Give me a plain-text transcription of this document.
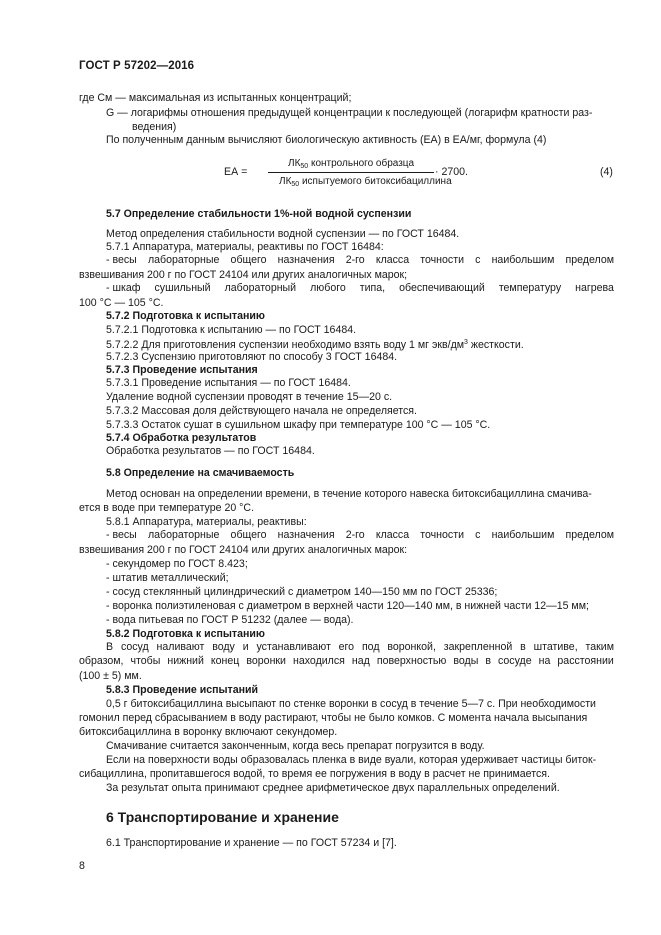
ГОСТ Р 57202—2016
где Cм — максимальная из испытанных концентраций;
G — логарифмы отношения предыдущей концентрации к последующей (логарифм кратности раз-
ведения)
По полученным данным вычисляют биологическую активность (ЕА) в ЕА/мг, формула (4)
ЕА =
$ЛК_{50}$ контрольного образца
$ЛК_{50}$ испытуемого битоксибациллина
· 2700.	(4)
5.7 Определение стабильности 1%-ной водной суспензии
Метод определения стабильности водной суспензии — по ГОСТ 16484.
5.7.1 Аппаратура, материалы, реактивы по ГОСТ 16484:
- весы лабораторные общего назначения 2-го класса точности с наибольшим пределом
взвешивания 200 г по ГОСТ 24104 или других аналогичных марок;
- шкаф сушильный лабораторный любого типа, обеспечивающий температуру нагрева
100 °С — 105 °С.
5.7.2 Подготовка к испытанию
5.7.2.1 Подготовка к испытанию — по ГОСТ 16484.
5.7.2.2 Для приготовления суспензии необходимо взять воду 1 мг экв/$дм^3$ жесткости.
5.7.2.3 Суспензию приготовляют по способу 3 ГОСТ 16484.
5.7.3 Проведение испытания
5.7.3.1 Проведение испытания — по ГОСТ 16484.
Удаление водной суспензии проводят в течение 15—20 с.
5.7.3.2 Массовая доля действующего начала не определяется.
5.7.3.3 Остаток сушат в сушильном шкафу при температуре 100 °С — 105 °С.
5.7.4 Обработка результатов
Обработка результатов — по ГОСТ 16484.
5.8 Определение на смачиваемость
Метод основан на определении времени, в течение которого навеска битоксибациллина смачива-
ется в воде при температуре 20 °С.
5.8.1 Аппаратура, материалы, реактивы:
- весы лабораторные общего назначения 2-го класса точности с наибольшим пределом
взвешивания 200 г по ГОСТ 24104 или других аналогичных марок:
- секундомер по ГОСТ 8.423;
- штатив металлический;
- сосуд стеклянный цилиндрический с диаметром 140—150 мм по ГОСТ 25336;
- воронка полиэтиленовая с диаметром в верхней части 120—140 мм, в нижней части 12—15 мм;
- вода питьевая по ГОСТ Р 51232 (далее — вода).
5.8.2 Подготовка к испытанию
В сосуд наливают воду и устанавливают его под воронкой, закрепленной в штативе, таким
образом, чтобы нижний конец воронки находился над поверхностью воды в сосуде на расстоянии
(100 ± 5) мм.
5.8.3 Проведение испытаний
0,5 г битоксибациллина высыпают по стенке воронки в сосуд в течение 5—7 с. При необходимости
гомонил перед сбрасыванием в воду растирают, чтобы не было комков. С момента начала высыпания
битоксибациллина в воронку включают секундомер.
Смачивание считается законченным, когда весь препарат погрузится в воду.
Если на поверхности воды образовалась пленка в виде вуали, которая удерживает частицы биток-
сибациллина, пропитавшегося водой, то время ее погружения в воду в расчет не принимается.
За результат опыта принимают среднее арифметическое двух параллельных определений.
6 Транспортирование и хранение
6.1 Транспортирование и хранение — по ГОСТ 57234 и [7].
8
